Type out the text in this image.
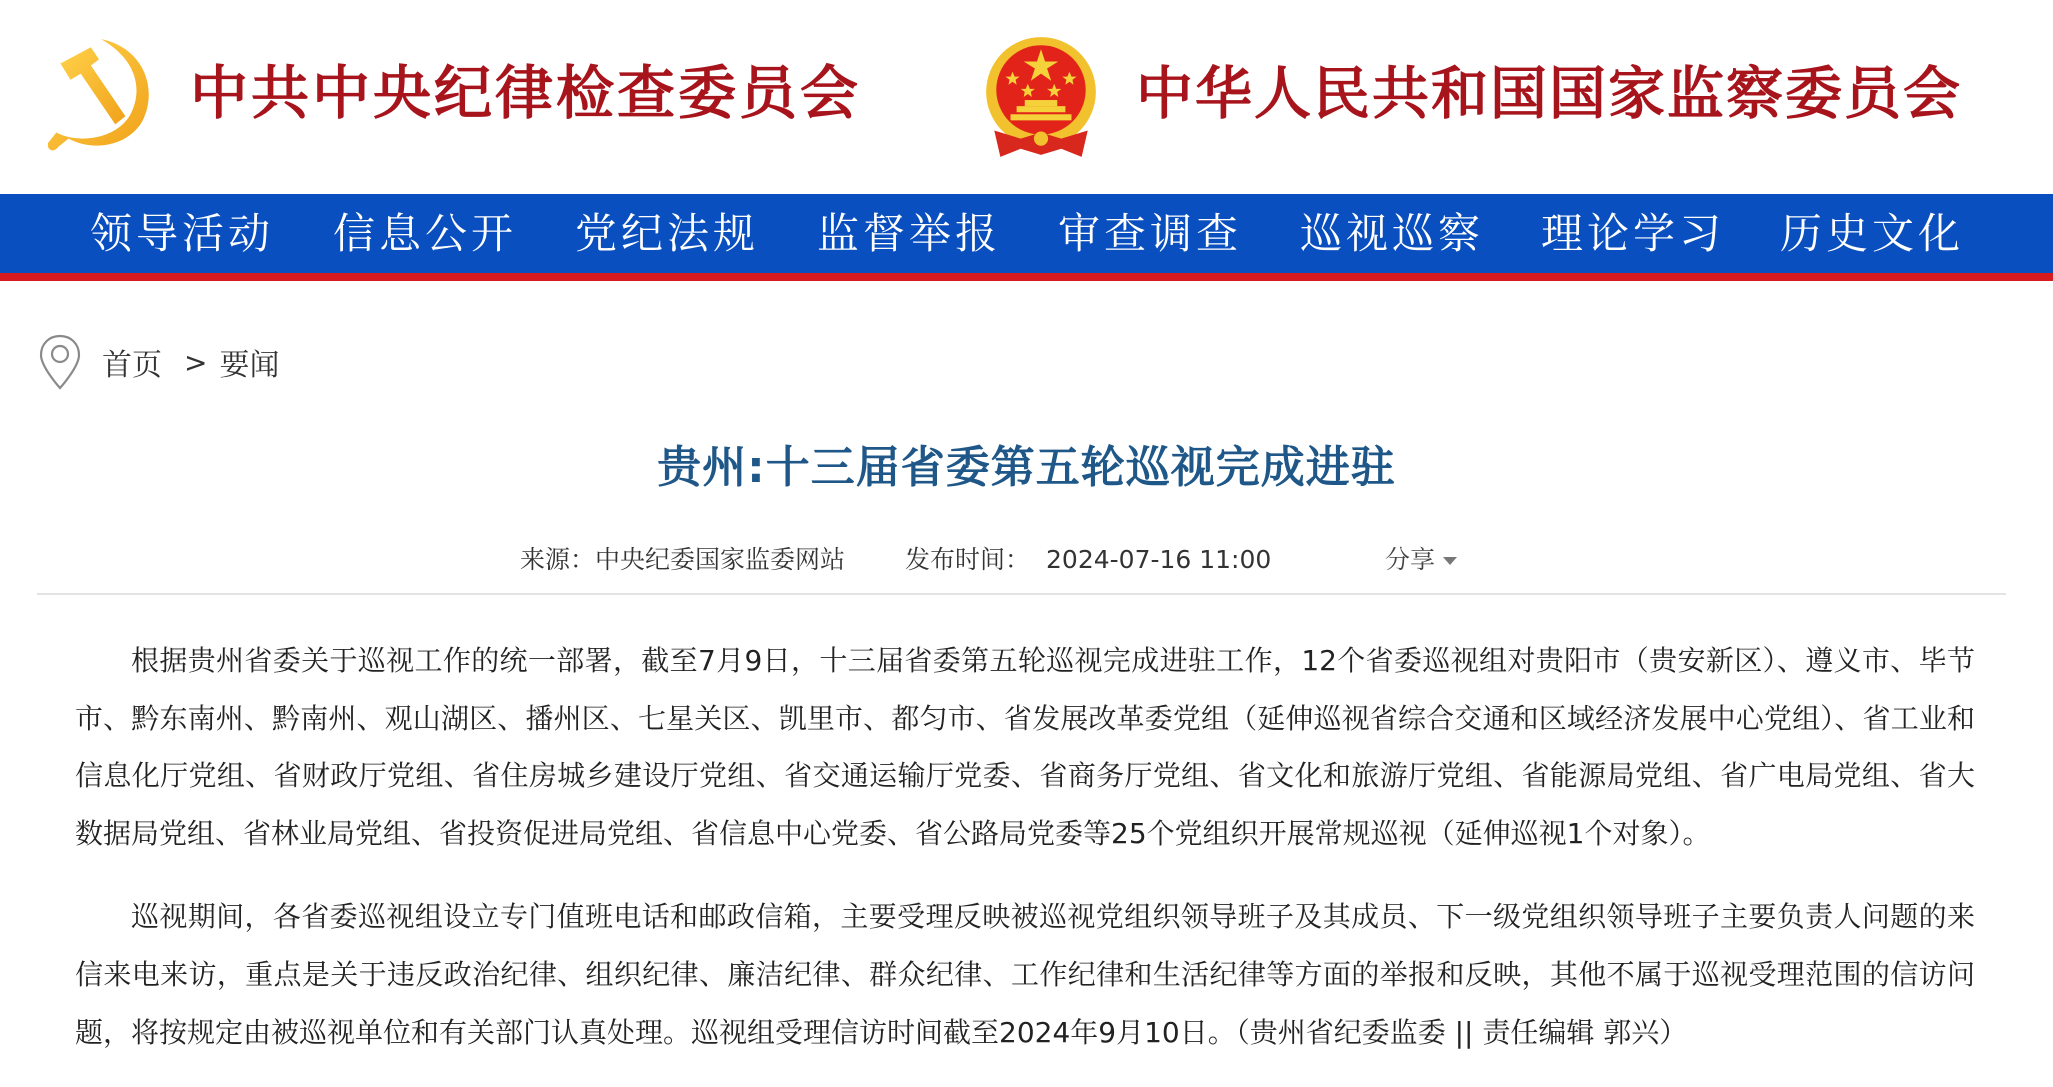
中共中央纪律检查委员会	中华人民共和国国家监察委员会
领导活动 信息公开 党纪法规 监督举报 审查调查 巡视巡察 理论学习 历史文化
首页 > 要闻
贵州:十三届省委第五轮巡视完成进驻
来源：中央纪委国家监委网站 发布时间： 2024-07-16 11:00	分享

根据贵州省委关于巡视工作的统一部署，截至7月9日，十三届省委第五轮巡视完成进驻工作，12个省委巡视组对贵阳市（贵安新区）、遵义市、毕节市、黔东南州、黔南州、观山湖区、播州区、七星关区、凯里市、都匀市、省发展改革委党组（延伸巡视省综合交通和区域经济发展中心党组）、省工业和信息化厅党组、省财政厅党组、省住房城乡建设厅党组、省交通运输厅党委、省商务厅党组、省文化和旅游厅党组、省能源局党组、省广电局党组、省大数据局党组、省林业局党组、省投资促进局党组、省信息中心党委、省公路局党委等25个党组织开展常规巡视（延伸巡视1个对象）。

巡视期间，各省委巡视组设立专门值班电话和邮政信箱，主要受理反映被巡视党组织领导班子及其成员、下一级党组织领导班子主要负责人问题的来信来电来访，重点是关于违反政治纪律、组织纪律、廉洁纪律、群众纪律、工作纪律和生活纪律等方面的举报和反映，其他不属于巡视受理范围的信访问题，将按规定由被巡视单位和有关部门认真处理。巡视组受理信访时间截至2024年9月10日。（贵州省纪委监委 || 责任编辑 郭兴）
